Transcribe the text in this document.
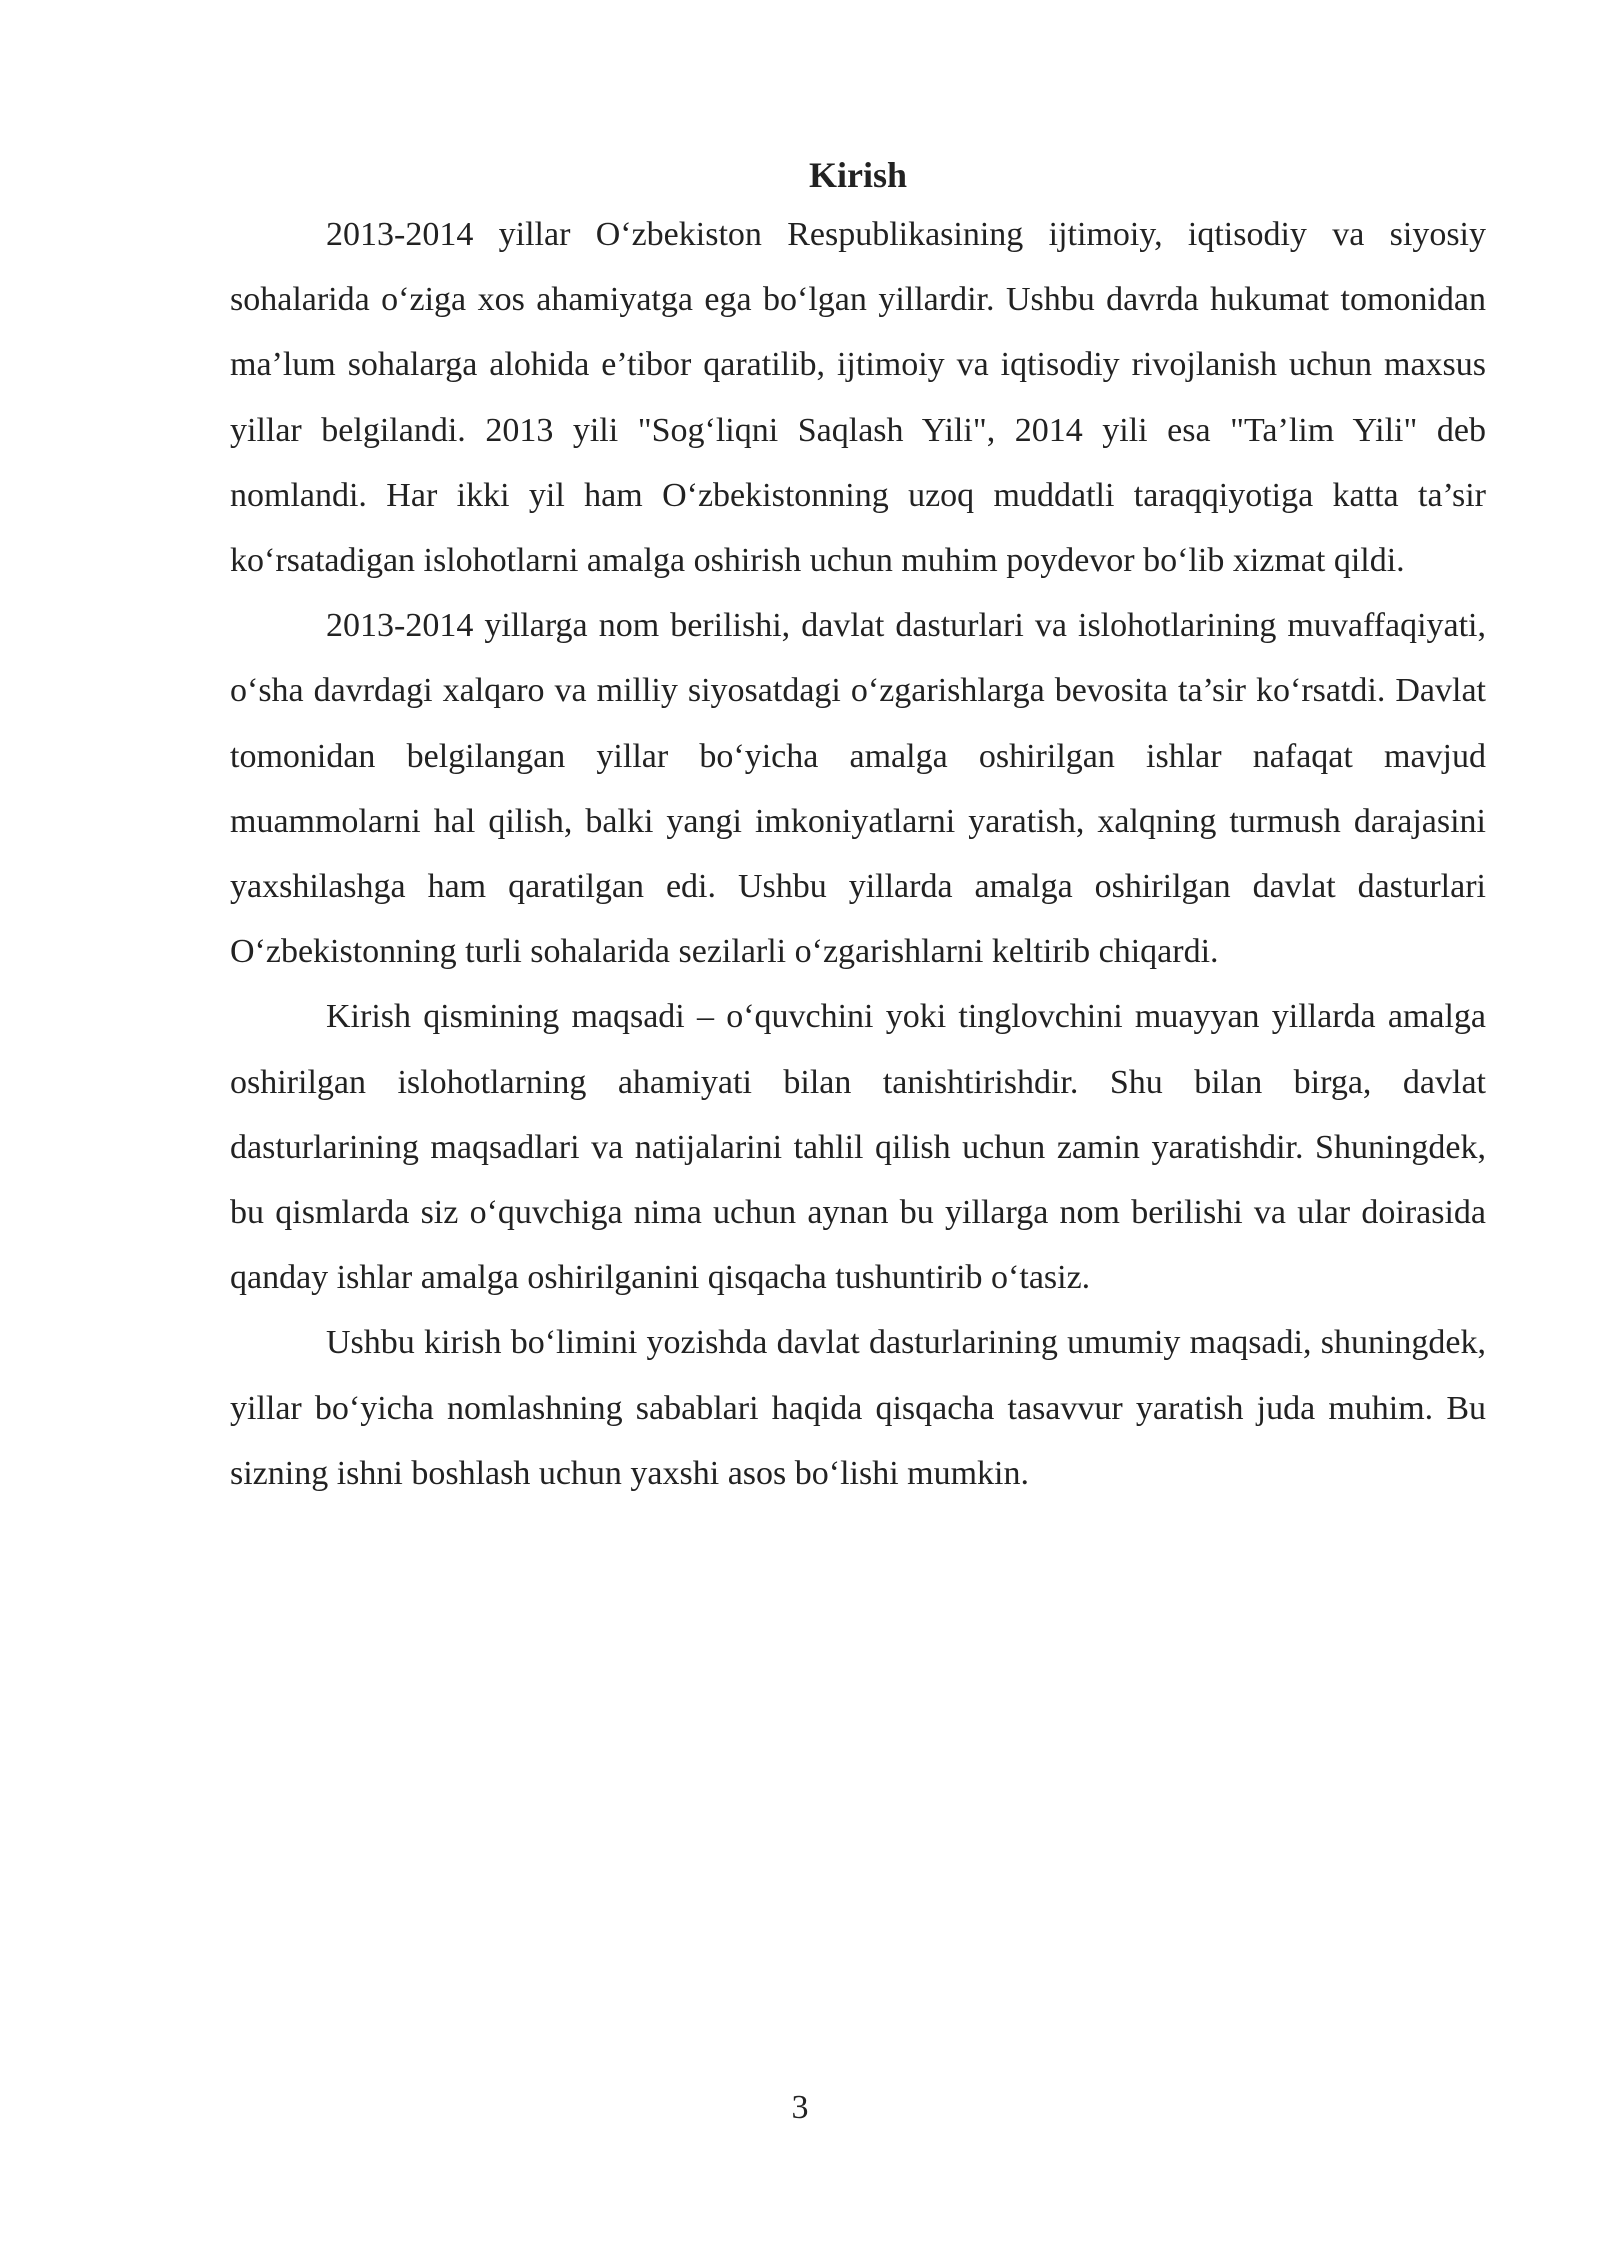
Kirish

2013-2014 yillar O‘zbekiston Respublikasining ijtimoiy, iqtisodiy va siyosiy sohalarida o‘ziga xos ahamiyatga ega bo‘lgan yillardir. Ushbu davrda hukumat tomonidan ma’lum sohalarga alohida e’tibor qaratilib, ijtimoiy va iqtisodiy rivojlanish uchun maxsus yillar belgilandi. 2013 yili "Sog‘liqni Saqlash Yili", 2014 yili esa "Ta’lim Yili" deb nomlandi. Har ikki yil ham O‘zbekistonning uzoq muddatli taraqqiyotiga katta ta’sir ko‘rsatadigan islohotlarni amalga oshirish uchun muhim poydevor bo‘lib xizmat qildi.

2013-2014 yillarga nom berilishi, davlat dasturlari va islohotlarining muvaffaqiyati, o‘sha davrdagi xalqaro va milliy siyosatdagi o‘zgarishlarga bevosita ta’sir ko‘rsatdi. Davlat tomonidan belgilangan yillar bo‘yicha amalga oshirilgan ishlar nafaqat mavjud muammolarni hal qilish, balki yangi imkoniyatlarni yaratish, xalqning turmush darajasini yaxshilashga ham qaratilgan edi. Ushbu yillarda amalga oshirilgan davlat dasturlari O‘zbekistonning turli sohalarida sezilarli o‘zgarishlarni keltirib chiqardi.

Kirish qismining maqsadi – o‘quvchini yoki tinglovchini muayyan yillarda amalga oshirilgan islohotlarning ahamiyati bilan tanishtirishdir. Shu bilan birga, davlat dasturlarining maqsadlari va natijalarini tahlil qilish uchun zamin yaratishdir. Shuningdek, bu qismlarda siz o‘quvchiga nima uchun aynan bu yillarga nom berilishi va ular doirasida qanday ishlar amalga oshirilganini qisqacha tushuntirib o‘tasiz.

Ushbu kirish bo‘limini yozishda davlat dasturlarining umumiy maqsadi, shuningdek, yillar bo‘yicha nomlashning sabablari haqida qisqacha tasavvur yaratish juda muhim. Bu sizning ishni boshlash uchun yaxshi asos bo‘lishi mumkin.

3
